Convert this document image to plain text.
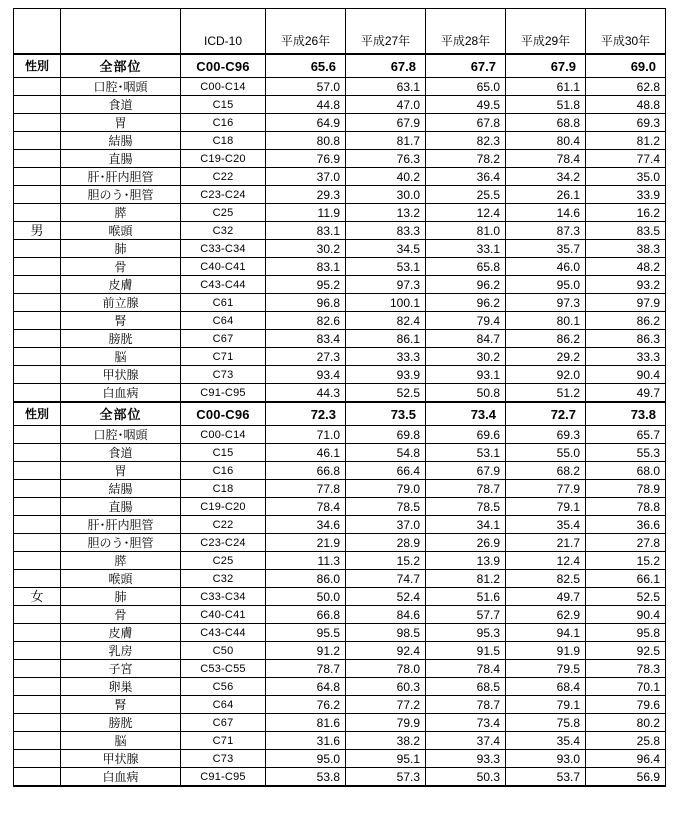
		ICD-10	平成26年	平成27年	平成28年	平成29年	平成30年
性別	全部位	C00-C96	65.6	67.8	67.7	67.9	69.0
	口腔･咽頭	C00-C14	57.0	63.1	65.0	61.1	62.8
	食道	C15	44.8	47.0	49.5	51.8	48.8
	胃	C16	64.9	67.9	67.8	68.8	69.3
	結腸	C18	80.8	81.7	82.3	80.4	81.2
	直腸	C19-C20	76.9	76.3	78.2	78.4	77.4
	肝･肝内胆管	C22	37.0	40.2	36.4	34.2	35.0
	胆のう･胆管	C23-C24	29.3	30.0	25.5	26.1	33.9
	膵	C25	11.9	13.2	12.4	14.6	16.2
男	喉頭	C32	83.1	83.3	81.0	87.3	83.5
	肺	C33-C34	30.2	34.5	33.1	35.7	38.3
	骨	C40-C41	83.1	53.1	65.8	46.0	48.2
	皮膚	C43-C44	95.2	97.3	96.2	95.0	93.2
	前立腺	C61	96.8	100.1	96.2	97.3	97.9
	腎	C64	82.6	82.4	79.4	80.1	86.2
	膀胱	C67	83.4	86.1	84.7	86.2	86.3
	脳	C71	27.3	33.3	30.2	29.2	33.3
	甲状腺	C73	93.4	93.9	93.1	92.0	90.4
	白血病	C91-C95	44.3	52.5	50.8	51.2	49.7
性別	全部位	C00-C96	72.3	73.5	73.4	72.7	73.8
	口腔･咽頭	C00-C14	71.0	69.8	69.6	69.3	65.7
	食道	C15	46.1	54.8	53.1	55.0	55.3
	胃	C16	66.8	66.4	67.9	68.2	68.0
	結腸	C18	77.8	79.0	78.7	77.9	78.9
	直腸	C19-C20	78.4	78.5	78.5	79.1	78.8
	肝･肝内胆管	C22	34.6	37.0	34.1	35.4	36.6
	胆のう･胆管	C23-C24	21.9	28.9	26.9	21.7	27.8
	膵	C25	11.3	15.2	13.9	12.4	15.2
	喉頭	C32	86.0	74.7	81.2	82.5	66.1
女	肺	C33-C34	50.0	52.4	51.6	49.7	52.5
	骨	C40-C41	66.8	84.6	57.7	62.9	90.4
	皮膚	C43-C44	95.5	98.5	95.3	94.1	95.8
	乳房	C50	91.2	92.4	91.5	91.9	92.5
	子宮	C53-C55	78.7	78.0	78.4	79.5	78.3
	卵巣	C56	64.8	60.3	68.5	68.4	70.1
	腎	C64	76.2	77.2	78.7	79.1	79.6
	膀胱	C67	81.6	79.9	73.4	75.8	80.2
	脳	C71	31.6	38.2	37.4	35.4	25.8
	甲状腺	C73	95.0	95.1	93.3	93.0	96.4
	白血病	C91-C95	53.8	57.3	50.3	53.7	56.9
